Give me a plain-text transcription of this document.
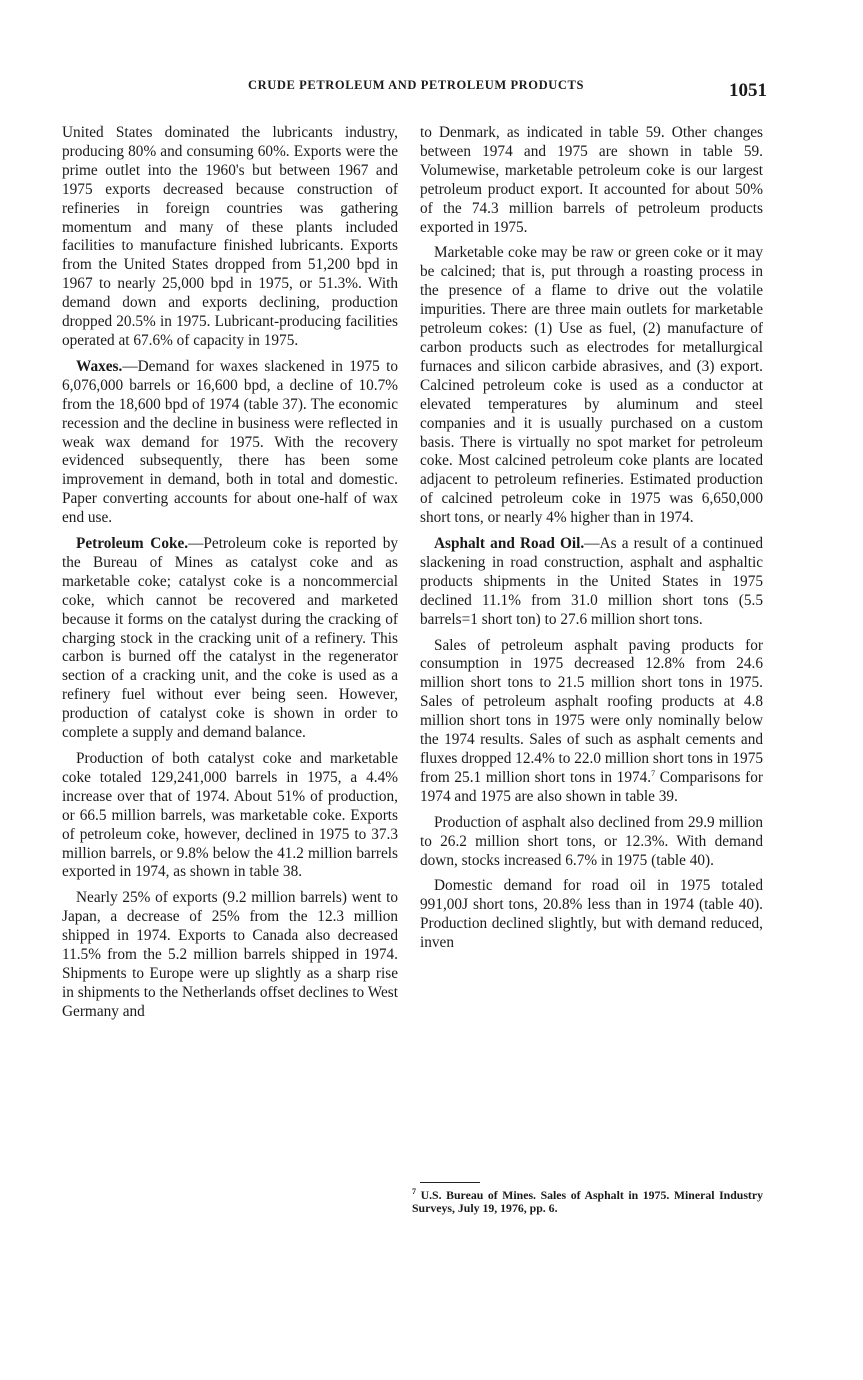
CRUDE PETROLEUM AND PETROLEUM PRODUCTS	1051

United States dominated the lubricants industry, producing 80% and consuming 60%. Exports were the prime outlet into the 1960's but between 1967 and 1975 exports decreased because construction of refineries in foreign countries was gathering momentum and many of these plants included facilities to manufacture finished lubricants. Exports from the United States dropped from 51,200 bpd in 1967 to nearly 25,000 bpd in 1975, or 51.3%. With demand down and exports declining, production dropped 20.5% in 1975. Lubricant-producing facilities operated at 67.6% of capacity in 1975.

Waxes.—Demand for waxes slackened in 1975 to 6,076,000 barrels or 16,600 bpd, a decline of 10.7% from the 18,600 bpd of 1974 (table 37). The economic recession and the decline in business were reflected in weak wax demand for 1975. With the recovery evidenced subsequently, there has been some improvement in demand, both in total and domestic. Paper converting accounts for about one-half of wax end use.

Petroleum Coke.—Petroleum coke is reported by the Bureau of Mines as catalyst coke and as marketable coke; catalyst coke is a noncommercial coke, which cannot be recovered and marketed because it forms on the catalyst during the cracking of charging stock in the cracking unit of a refinery. This carbon is burned off the catalyst in the regenerator section of a cracking unit, and the coke is used as a refinery fuel without ever being seen. However, production of catalyst coke is shown in order to complete a supply and demand balance.

Production of both catalyst coke and marketable coke totaled 129,241,000 barrels in 1975, a 4.4% increase over that of 1974. About 51% of production, or 66.5 million barrels, was marketable coke. Exports of petroleum coke, however, declined in 1975 to 37.3 million barrels, or 9.8% below the 41.2 million barrels exported in 1974, as shown in table 38.

Nearly 25% of exports (9.2 million barrels) went to Japan, a decrease of 25% from the 12.3 million shipped in 1974. Exports to Canada also decreased 11.5% from the 5.2 million barrels shipped in 1974. Shipments to Europe were up slightly as a sharp rise in shipments to the Netherlands offset declines to West Germany and

to Denmark, as indicated in table 59. Other changes between 1974 and 1975 are shown in table 59. Volumewise, marketable petroleum coke is our largest petroleum product export. It accounted for about 50% of the 74.3 million barrels of petroleum products exported in 1975.

Marketable coke may be raw or green coke or it may be calcined; that is, put through a roasting process in the presence of a flame to drive out the volatile impurities. There are three main outlets for marketable petroleum cokes: (1) Use as fuel, (2) manufacture of carbon products such as electrodes for metallurgical furnaces and silicon carbide abrasives, and (3) export. Calcined petroleum coke is used as a conductor at elevated temperatures by aluminum and steel companies and it is usually purchased on a custom basis. There is virtually no spot market for petroleum coke. Most calcined petroleum coke plants are located adjacent to petroleum refineries. Estimated production of calcined petroleum coke in 1975 was 6,650,000 short tons, or nearly 4% higher than in 1974.

Asphalt and Road Oil.—As a result of a continued slackening in road construction, asphalt and asphaltic products shipments in the United States in 1975 declined 11.1% from 31.0 million short tons (5.5 barrels=1 short ton) to 27.6 million short tons.

Sales of petroleum asphalt paving products for consumption in 1975 decreased 12.8% from 24.6 million short tons to 21.5 million short tons in 1975. Sales of petroleum asphalt roofing products at 4.8 million short tons in 1975 were only nominally below the 1974 results. Sales of such as asphalt cements and fluxes dropped 12.4% to 22.0 million short tons in 1975 from 25.1 million short tons in 1974.$^7$ Comparisons for 1974 and 1975 are also shown in table 39.

Production of asphalt also declined from 29.9 million to 26.2 million short tons, or 12.3%. With demand down, stocks increased 6.7% in 1975 (table 40).

Domestic demand for road oil in 1975 totaled 991,00J short tons, 20.8% less than in 1974 (table 40). Production declined slightly, but with demand reduced, inven

$^7$ U.S. Bureau of Mines. Sales of Asphalt in 1975. Mineral Industry Surveys, July 19, 1976, pp. 6.
